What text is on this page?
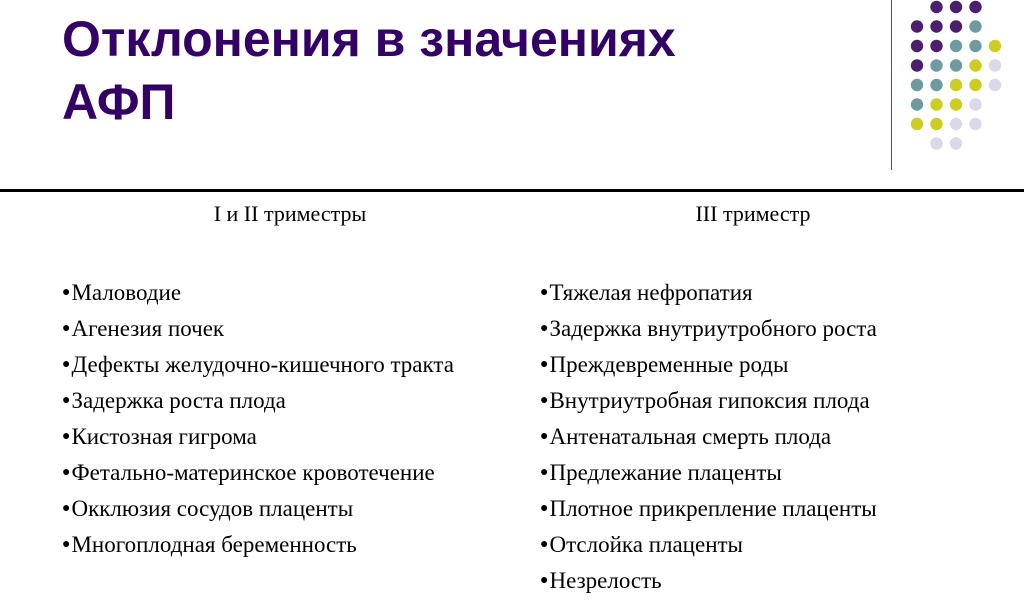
Отклонения в значениях
АФП
I и II триместры	III триместр
●Маловодие
●Агенезия почек
●Дефекты желудочно-кишечного тракта
●Задержка роста плода
●Кистозная гигрома
●Фетально-материнское кровотечение
●Окклюзия сосудов плаценты
●Многоплодная беременность
●Тяжелая нефропатия
●Задержка внутриутробного роста
●Преждевременные роды
●Внутриутробная гипоксия плода
●Антенатальная смерть плода
●Предлежание плаценты
●Плотное прикрепление плаценты
●Отслойка плаценты
●Незрелость
